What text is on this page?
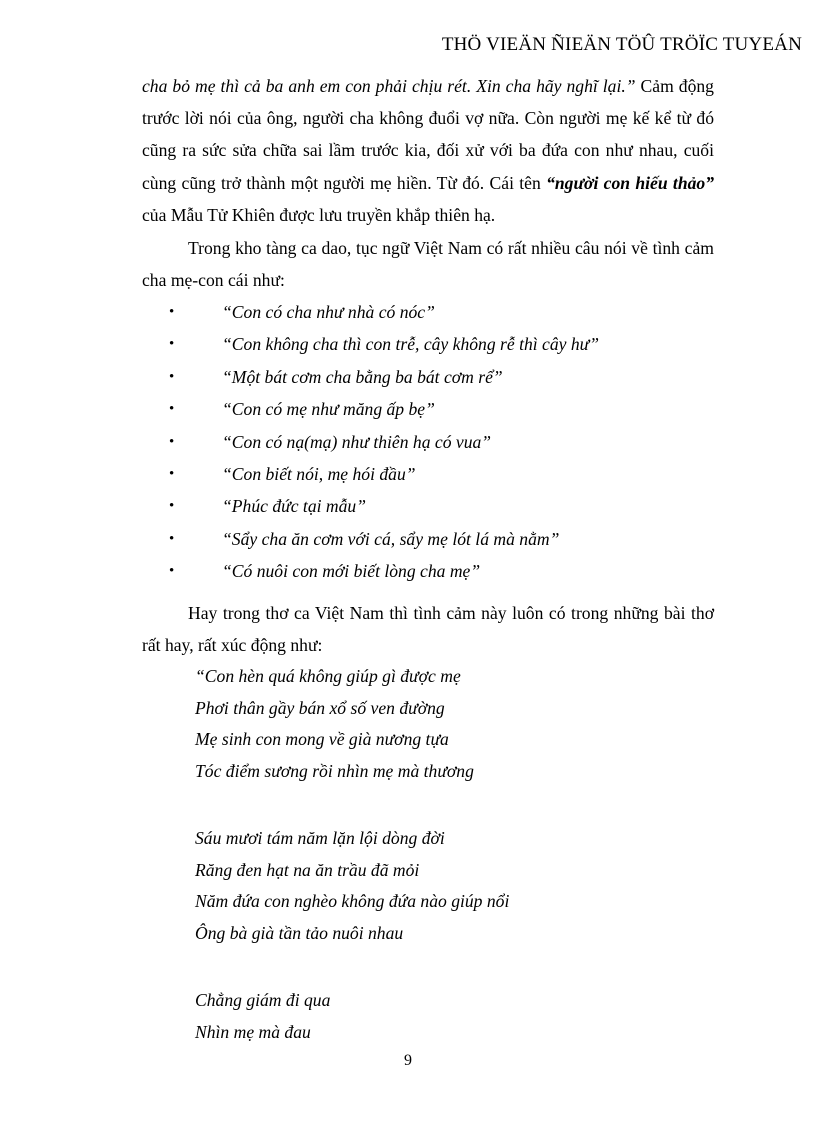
THÖ VIEÄN ÑIEÄN TÖÛ TRÖÏC TUYEÁN

cha bỏ mẹ thì cả ba anh em con phải chịu rét. Xin cha hãy nghĩ lại.” Cảm động trước lời nói của ông, người cha không đuổi vợ nữa. Còn người mẹ kế kể từ đó cũng ra sức sửa chữa sai lầm trước kia, đối xử với ba đứa con như nhau, cuối cùng cũng trở thành một người mẹ hiền. Từ đó. Cái tên “người con hiếu thảo” của Mẫu Tử Khiên được lưu truyền khắp thiên hạ.

Trong kho tàng ca dao, tục ngữ Việt Nam có rất nhiều câu nói về tình cảm cha mẹ-con cái như:

•	“Con có cha như nhà có nóc”
•	“Con không cha thì con trễ, cây không rễ thì cây hư”
•	“Một bát cơm cha bằng ba bát cơm rể”
•	“Con có mẹ như măng ấp bẹ”
•	“Con có nạ(mạ) như thiên hạ có vua”
•	“Con biết nói, mẹ hói đầu”
•	“Phúc đức tại mẫu”
•	“Sẩy cha ăn cơm với cá, sẩy mẹ lót lá mà nằm”
•	“Có nuôi con mới biết lòng cha mẹ”

Hay trong thơ ca Việt Nam thì tình cảm này luôn có trong những bài thơ rất hay, rất xúc động như:

“Con hèn quá không giúp gì được mẹ
Phơi thân gầy bán xổ số ven đường
Mẹ sinh con mong về già nương tựa
Tóc điểm sương rồi nhìn mẹ mà thương
Sáu mươi tám năm lặn lội dòng đời
Răng đen hạt na ăn trầu đã mỏi
Năm đứa con nghèo không đứa nào giúp nổi
Ông bà già tần tảo nuôi nhau
Chẳng giám đi qua
Nhìn mẹ mà đau
9
